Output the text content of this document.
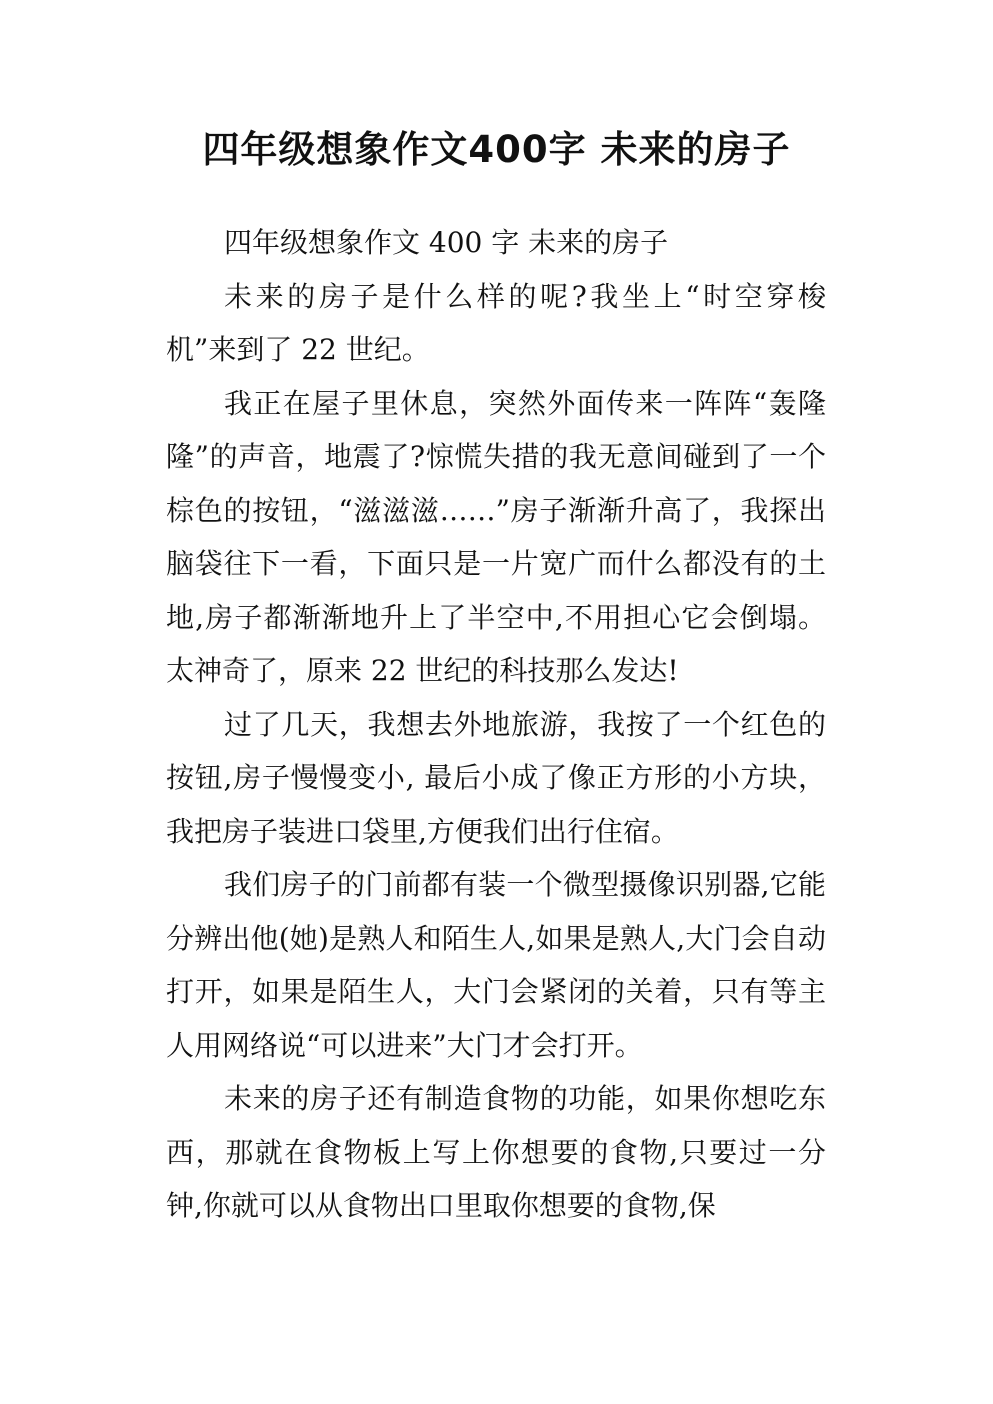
四年级想象作文400字 未来的房子

四年级想象作文 400 字 未来的房子

未来的房子是什么样的呢?我坐上“时空穿梭机”来到了 22 世纪。

我正在屋子里休息，突然外面传来一阵阵“轰隆隆”的声音，地震了?惊慌失措的我无意间碰到了一个棕色的按钮，“滋滋滋……”房子渐渐升高了，我探出脑袋往下一看，下面只是一片宽广而什么都没有的土地,房子都渐渐地升上了半空中,不用担心它会倒塌。太神奇了，原来 22 世纪的科技那么发达!

过了几天，我想去外地旅游，我按了一个红色的按钮,房子慢慢变小, 最后小成了像正方形的小方块，我把房子装进口袋里,方便我们出行住宿。

我们房子的门前都有装一个微型摄像识别器,它能分辨出他(她)是熟人和陌生人,如果是熟人,大门会自动打开，如果是陌生人，大门会紧闭的关着，只有等主人用网络说“可以进来”大门才会打开。

未来的房子还有制造食物的功能，如果你想吃东西，那就在食物板上写上你想要的食物,只要过一分钟,你就可以从食物出口里取你想要的食物,保
